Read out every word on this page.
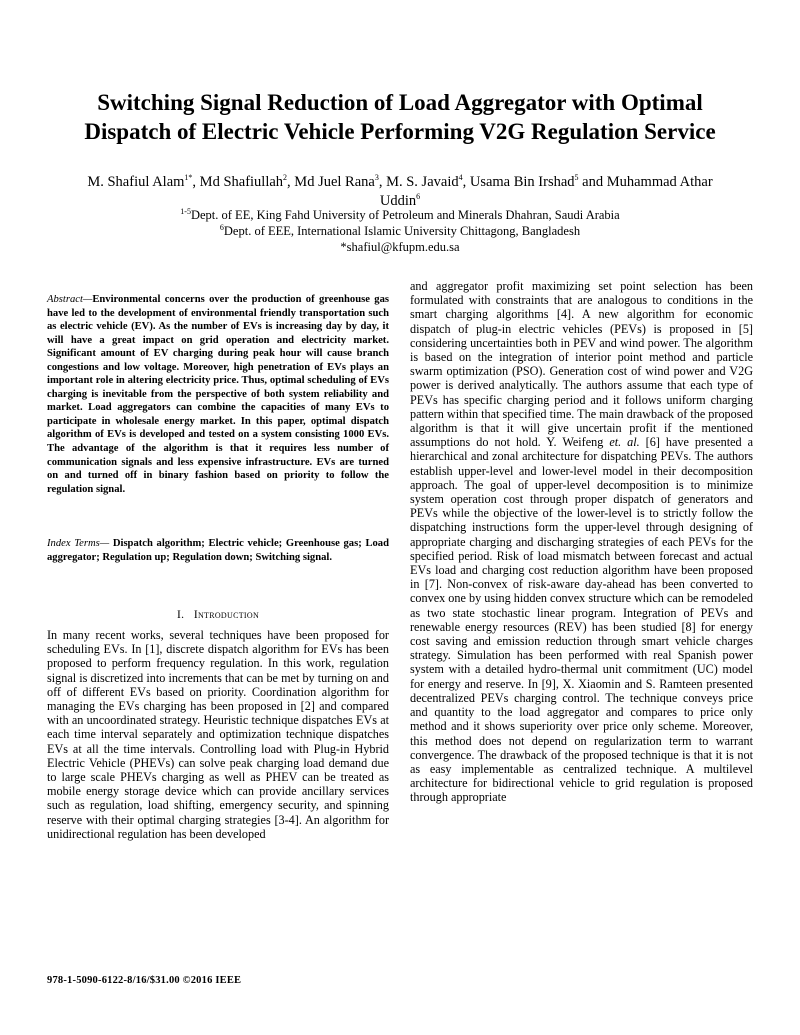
Switching Signal Reduction of Load Aggregator with Optimal Dispatch of Electric Vehicle Performing V2G Regulation Service
M. Shafiul Alam$^{1*}$, Md Shafiullah$^2$, Md Juel Rana$^3$, M. S. Javaid$^4$, Usama Bin Irshad$^5$ and Muhammad Athar Uddin$^6$
$^{1-5}$Dept. of EE, King Fahd University of Petroleum and Minerals Dhahran, Saudi Arabia
$^6$Dept. of EEE, International Islamic University Chittagong, Bangladesh
*shafiul@kfupm.edu.sa
Abstract—Environmental concerns over the production of greenhouse gas have led to the development of environmental friendly transportation such as electric vehicle (EV). As the number of EVs is increasing day by day, it will have a great impact on grid operation and electricity market. Significant amount of EV charging during peak hour will cause branch congestions and low voltage. Moreover, high penetration of EVs plays an important role in altering electricity price. Thus, optimal scheduling of EVs charging is inevitable from the perspective of both system reliability and market. Load aggregators can combine the capacities of many EVs to participate in wholesale energy market. In this paper, optimal dispatch algorithm of EVs is developed and tested on a system consisting 1000 EVs. The advantage of the algorithm is that it requires less number of communication signals and less expensive infrastructure. EVs are turned on and turned off in binary fashion based on priority to follow the regulation signal.
Index Terms— Dispatch algorithm; Electric vehicle; Greenhouse gas; Load aggregator; Regulation up; Regulation down; Switching signal.
I. Introduction

In many recent works, several techniques have been proposed for scheduling EVs. In [1], discrete dispatch algorithm for EVs has been proposed to perform frequency regulation. In this work, regulation signal is discretized into increments that can be met by turning on and off of different EVs based on priority. Coordination algorithm for managing the EVs charging has been proposed in [2] and compared with an uncoordinated strategy. Heuristic technique dispatches EVs at each time interval separately and optimization technique dispatches EVs at all the time intervals. Controlling load with Plug-in Hybrid Electric Vehicle (PHEVs) can solve peak charging load demand due to large scale PHEVs charging as well as PHEV can be treated as mobile energy storage device which can provide ancillary services such as regulation, load shifting, emergency security, and spinning reserve with their optimal charging strategies [3-4]. An algorithm for unidirectional regulation has been developed

and aggregator profit maximizing set point selection has been formulated with constraints that are analogous to conditions in the smart charging algorithms [4]. A new algorithm for economic dispatch of plug-in electric vehicles (PEVs) is proposed in [5] considering uncertainties both in PEV and wind power. The algorithm is based on the integration of interior point method and particle swarm optimization (PSO). Generation cost of wind power and V2G power is derived analytically. The authors assume that each type of PEVs has specific charging period and it follows uniform charging pattern within that specified time. The main drawback of the proposed algorithm is that it will give uncertain profit if the mentioned assumptions do not hold. Y. Weifeng et. al. [6] have presented a hierarchical and zonal architecture for dispatching PEVs. The authors establish upper-level and lower-level model in their decomposition approach. The goal of upper-level decomposition is to minimize system operation cost through proper dispatch of generators and PEVs while the objective of the lower-level is to strictly follow the dispatching instructions form the upper-level through designing of appropriate charging and discharging strategies of each PEVs for the specified period. Risk of load mismatch between forecast and actual EVs load and charging cost reduction algorithm have been proposed in [7]. Non-convex of risk-aware day-ahead has been converted to convex one by using hidden convex structure which can be remodeled as two state stochastic linear program. Integration of PEVs and renewable energy resources (REV) has been studied [8] for energy cost saving and emission reduction through smart vehicle charges strategy. Simulation has been performed with real Spanish power system with a detailed hydro-thermal unit commitment (UC) model for energy and reserve. In [9], X. Xiaomin and S. Ramteen presented decentralized PEVs charging control. The technique conveys price and quantity to the load aggregator and compares to price only method and it shows superiority over price only scheme. Moreover, this method does not depend on regularization term to warrant convergence. The drawback of the proposed technique is that it is not as easy implementable as centralized technique. A multilevel architecture for bidirectional vehicle to grid regulation is proposed through appropriate

978-1-5090-6122-8/16/$31.00 ©2016 IEEE
